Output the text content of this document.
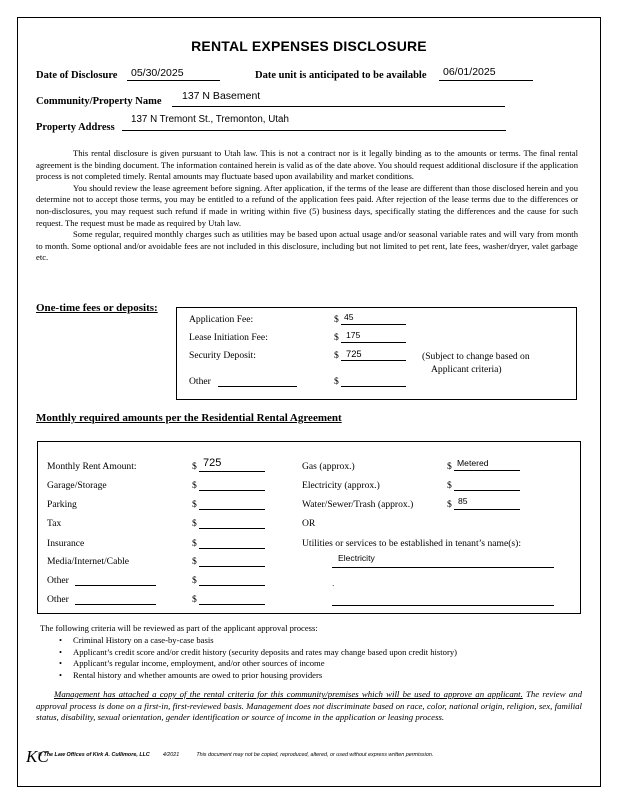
RENTAL EXPENSES DISCLOSURE
Date of Disclosure 05/30/2025	Date unit is anticipated to be available 06/01/2025
Community/Property Name 137 N Basement
Property Address
137 N Tremont St., Tremonton, Utah

This rental disclosure is given pursuant to Utah law. This is not a contract nor is it legally binding as to the amounts or terms. The final rental agreement is the binding document. The information contained herein is valid as of the date above. You should request additional disclosure if the application process is not completed timely. Rental amounts may fluctuate based upon availability and market conditions.

You should review the lease agreement before signing. After application, if the terms of the lease are different than those disclosed herein and you determine not to accept those terms, you may be entitled to a refund of the application fees paid. After rejection of the lease terms due to the differences or non-disclosures, you may request such refund if made in writing within five (5) business days, specifically stating the differences and the cause for such request. The request must be made as required by Utah law.

Some regular, required monthly charges such as utilities may be based upon actual usage and/or seasonal variable rates and will vary from month to month. Some optional and/or avoidable fees are not included in this disclosure, including but not limited to pet rent, late fees, washer/dryer, valet garbage etc.

One-time fees or deposits:
Application Fee:	$ 45
Lease Initiation Fee:	$ 175
Security Deposit:	$ 725	(Subject to change based on
Applicant criteria)
Other	$
Monthly required amounts per the Residential Rental Agreement
Monthly Rent Amount:	$ 725
Garage/Storage	$
Parking	$
Tax	$
Insurance	$
Media/Internet/Cable	$
Other	$
Other	$
Gas (approx.)	$ Metered
Electricity (approx.)	$
Water/Sewer/Trash (approx.)	$ 85
OR
Utilities or services to be established in tenant’s name(s):
Electricity
.
The following criteria will be reviewed as part of the applicant approval process:
• Criminal History on a case-by-case basis
• Applicant’s credit score and/or credit history (security deposits and rates may change based upon credit history)
• Applicant’s regular income, employment, and/or other sources of income
• Rental history and whether amounts are owed to prior housing providers
Management has attached a copy of the rental criteria for this community/premises which will be used to approve an applicant. The review and approval process is done on a first-in, first-reviewed basis. Management does not discriminate based on race, color, national origin, religion, sex, familial status, disability, sexual orientation, gender identification or source of income in the application or leasing process.
KC
® The Law Offices of Kirk A. Cullimore, LLC 4/2021	This document may not be copied, reproduced, altered, or used without express written permission.
